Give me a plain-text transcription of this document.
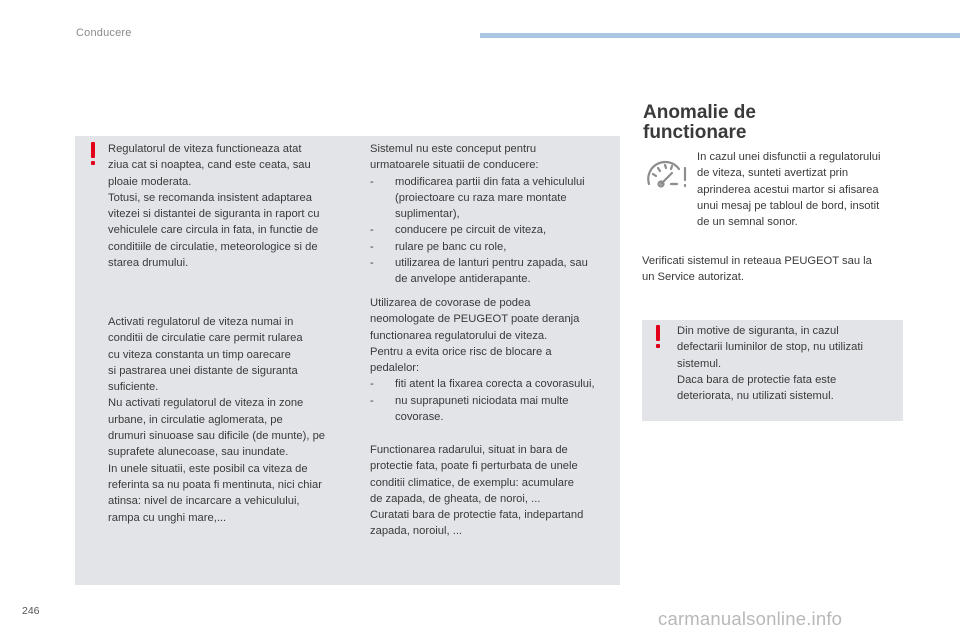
Conducere

Regulatorul de viteza functioneaza atat

ziua cat si noaptea, cand este ceata, sau

ploaie moderata.

Totusi, se recomanda insistent adaptarea

vitezei si distantei de siguranta in raport cu

vehiculele care circula in fata, in functie de

conditiile de circulatie, meteorologice si de

starea drumului.

Activati regulatorul de viteza numai in

conditii de circulatie care permit rularea

cu viteza constanta un timp oarecare

si pastrarea unei distante de siguranta

suficiente.

Nu activati regulatorul de viteza in zone

urbane, in circulatie aglomerata, pe

drumuri sinuoase sau dificile (de munte), pe

suprafete alunecoase, sau inundate.

In unele situatii, este posibil ca viteza de

referinta sa nu poata fi mentinuta, nici chiar

atinsa: nivel de incarcare a vehiculului,

rampa cu unghi mare,...

Sistemul nu este conceput pentru

urmatoarele situatii de conducere:

- modificarea partii din fata a vehiculului
(proiectoare cu raza mare montate
suplimentar),
- conducere pe circuit de viteza,
- rulare pe banc cu role,
- utilizarea de lanturi pentru zapada, sau
de anvelope antiderapante.

Utilizarea de covorase de podea

neomologate de PEUGEOT poate deranja

functionarea regulatorului de viteza.

Pentru a evita orice risc de blocare a

pedalelor:

- fiti atent la fixarea corecta a covorasului,
- nu suprapuneti niciodata mai multe
covorase.

Functionarea radarului, situat in bara de

protectie fata, poate fi perturbata de unele

conditii climatice, de exemplu: acumulare

de zapada, de gheata, de noroi, ...

Curatati bara de protectie fata, indepartand

zapada, noroiul, ...

Anomalie de
functionare

In cazul unei disfunctii a regulatorului

de viteza, sunteti avertizat prin

aprinderea acestui martor si afisarea

unui mesaj pe tabloul de bord, insotit

de un semnal sonor.

Verificati sistemul in reteaua PEUGEOT sau la

un Service autorizat.

Din motive de siguranta, in cazul

defectarii luminilor de stop, nu utilizati

sistemul.

Daca bara de protectie fata este

deteriorata, nu utilizati sistemul.

246	carmanualsonline.info
